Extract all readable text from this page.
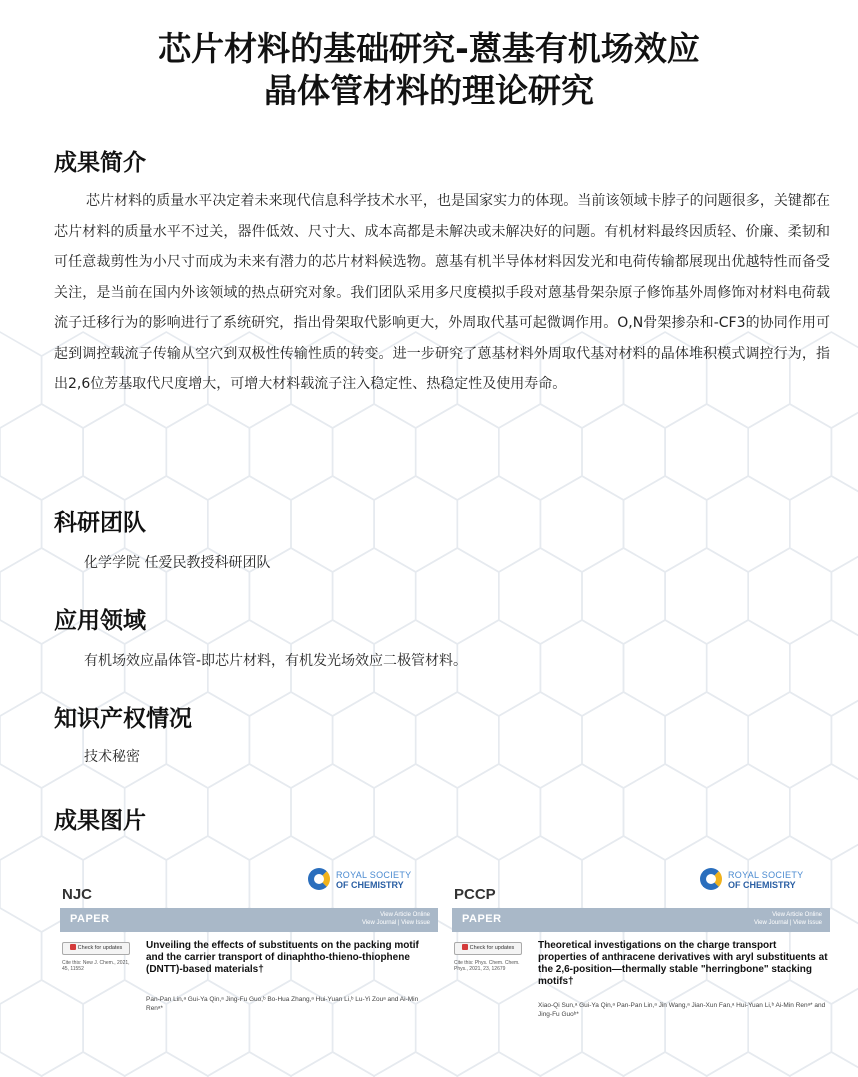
芯片材料的基础研究-蒽基有机场效应
晶体管材料的理论研究
成果简介
芯片材料的质量水平决定着未来现代信息科学技术水平，也是国家实力的体现。当前该领域卡脖子的问题很多，关键都在芯片材料的质量水平不过关，器件低效、尺寸大、成本高都是未解决或未解决好的问题。有机材料最终因质轻、价廉、柔韧和可任意裁剪性为小尺寸而成为未来有潜力的芯片材料候选物。蒽基有机半导体材料因发光和电荷传输都展现出优越特性而备受关注，是当前在国内外该领域的热点研究对象。我们团队采用多尺度模拟手段对蒽基骨架杂原子修饰基外周修饰对材料电荷载流子迁移行为的影响进行了系统研究，指出骨架取代影响更大，外周取代基可起微调作用。O,N骨架掺杂和-CF3的协同作用可起到调控载流子传输从空穴到双极性传输性质的转变。进一步研究了蒽基材料外周取代基对材料的晶体堆积模式调控行为，指出2,6位芳基取代尺度增大，可增大材料载流子注入稳定性、热稳定性及使用寿命。
科研团队
化学学院 任爱民教授科研团队
应用领域
有机场效应晶体管-即芯片材料，有机发光场效应二极管材料。
知识产权情况
技术秘密
成果图片
NJC
ROYAL SOCIETY
OF CHEMISTRY
PAPER	View Article Online
View Journal | View Issue
Check for updates
Cite this: New J. Chem., 2021, 45, 11552
Unveiling the effects of substituents on the packing motif and the carrier transport of dinaphtho-thieno-thiophene (DNTT)-based materials†
Pan-Pan Lin,ᵃ Gui-Ya Qin,ᵃ Jing-Fu Guo,ᵇ Bo-Hua Zhang,ᵃ Hui-Yuan Li,ᵇ Lu-Yi Zouᵃ and Ai-Min Renᵃ*
PCCP
ROYAL SOCIETY
OF CHEMISTRY
PAPER	View Article Online
View Journal | View Issue
Check for updates
Cite this: Phys. Chem. Chem. Phys., 2021, 23, 12679
Theoretical investigations on the charge transport properties of anthracene derivatives with aryl substituents at the 2,6-position—thermally stable "herringbone" stacking motifs†
Xiao-Qi Sun,ᵃ Gui-Ya Qin,ᵃ Pan-Pan Lin,ᵃ Jin Wang,ᵃ Jian-Xun Fan,ᵃ Hui-Yuan Li,ᵇ Ai-Min Renᵃ* and Jing-Fu Guoᵇ*
